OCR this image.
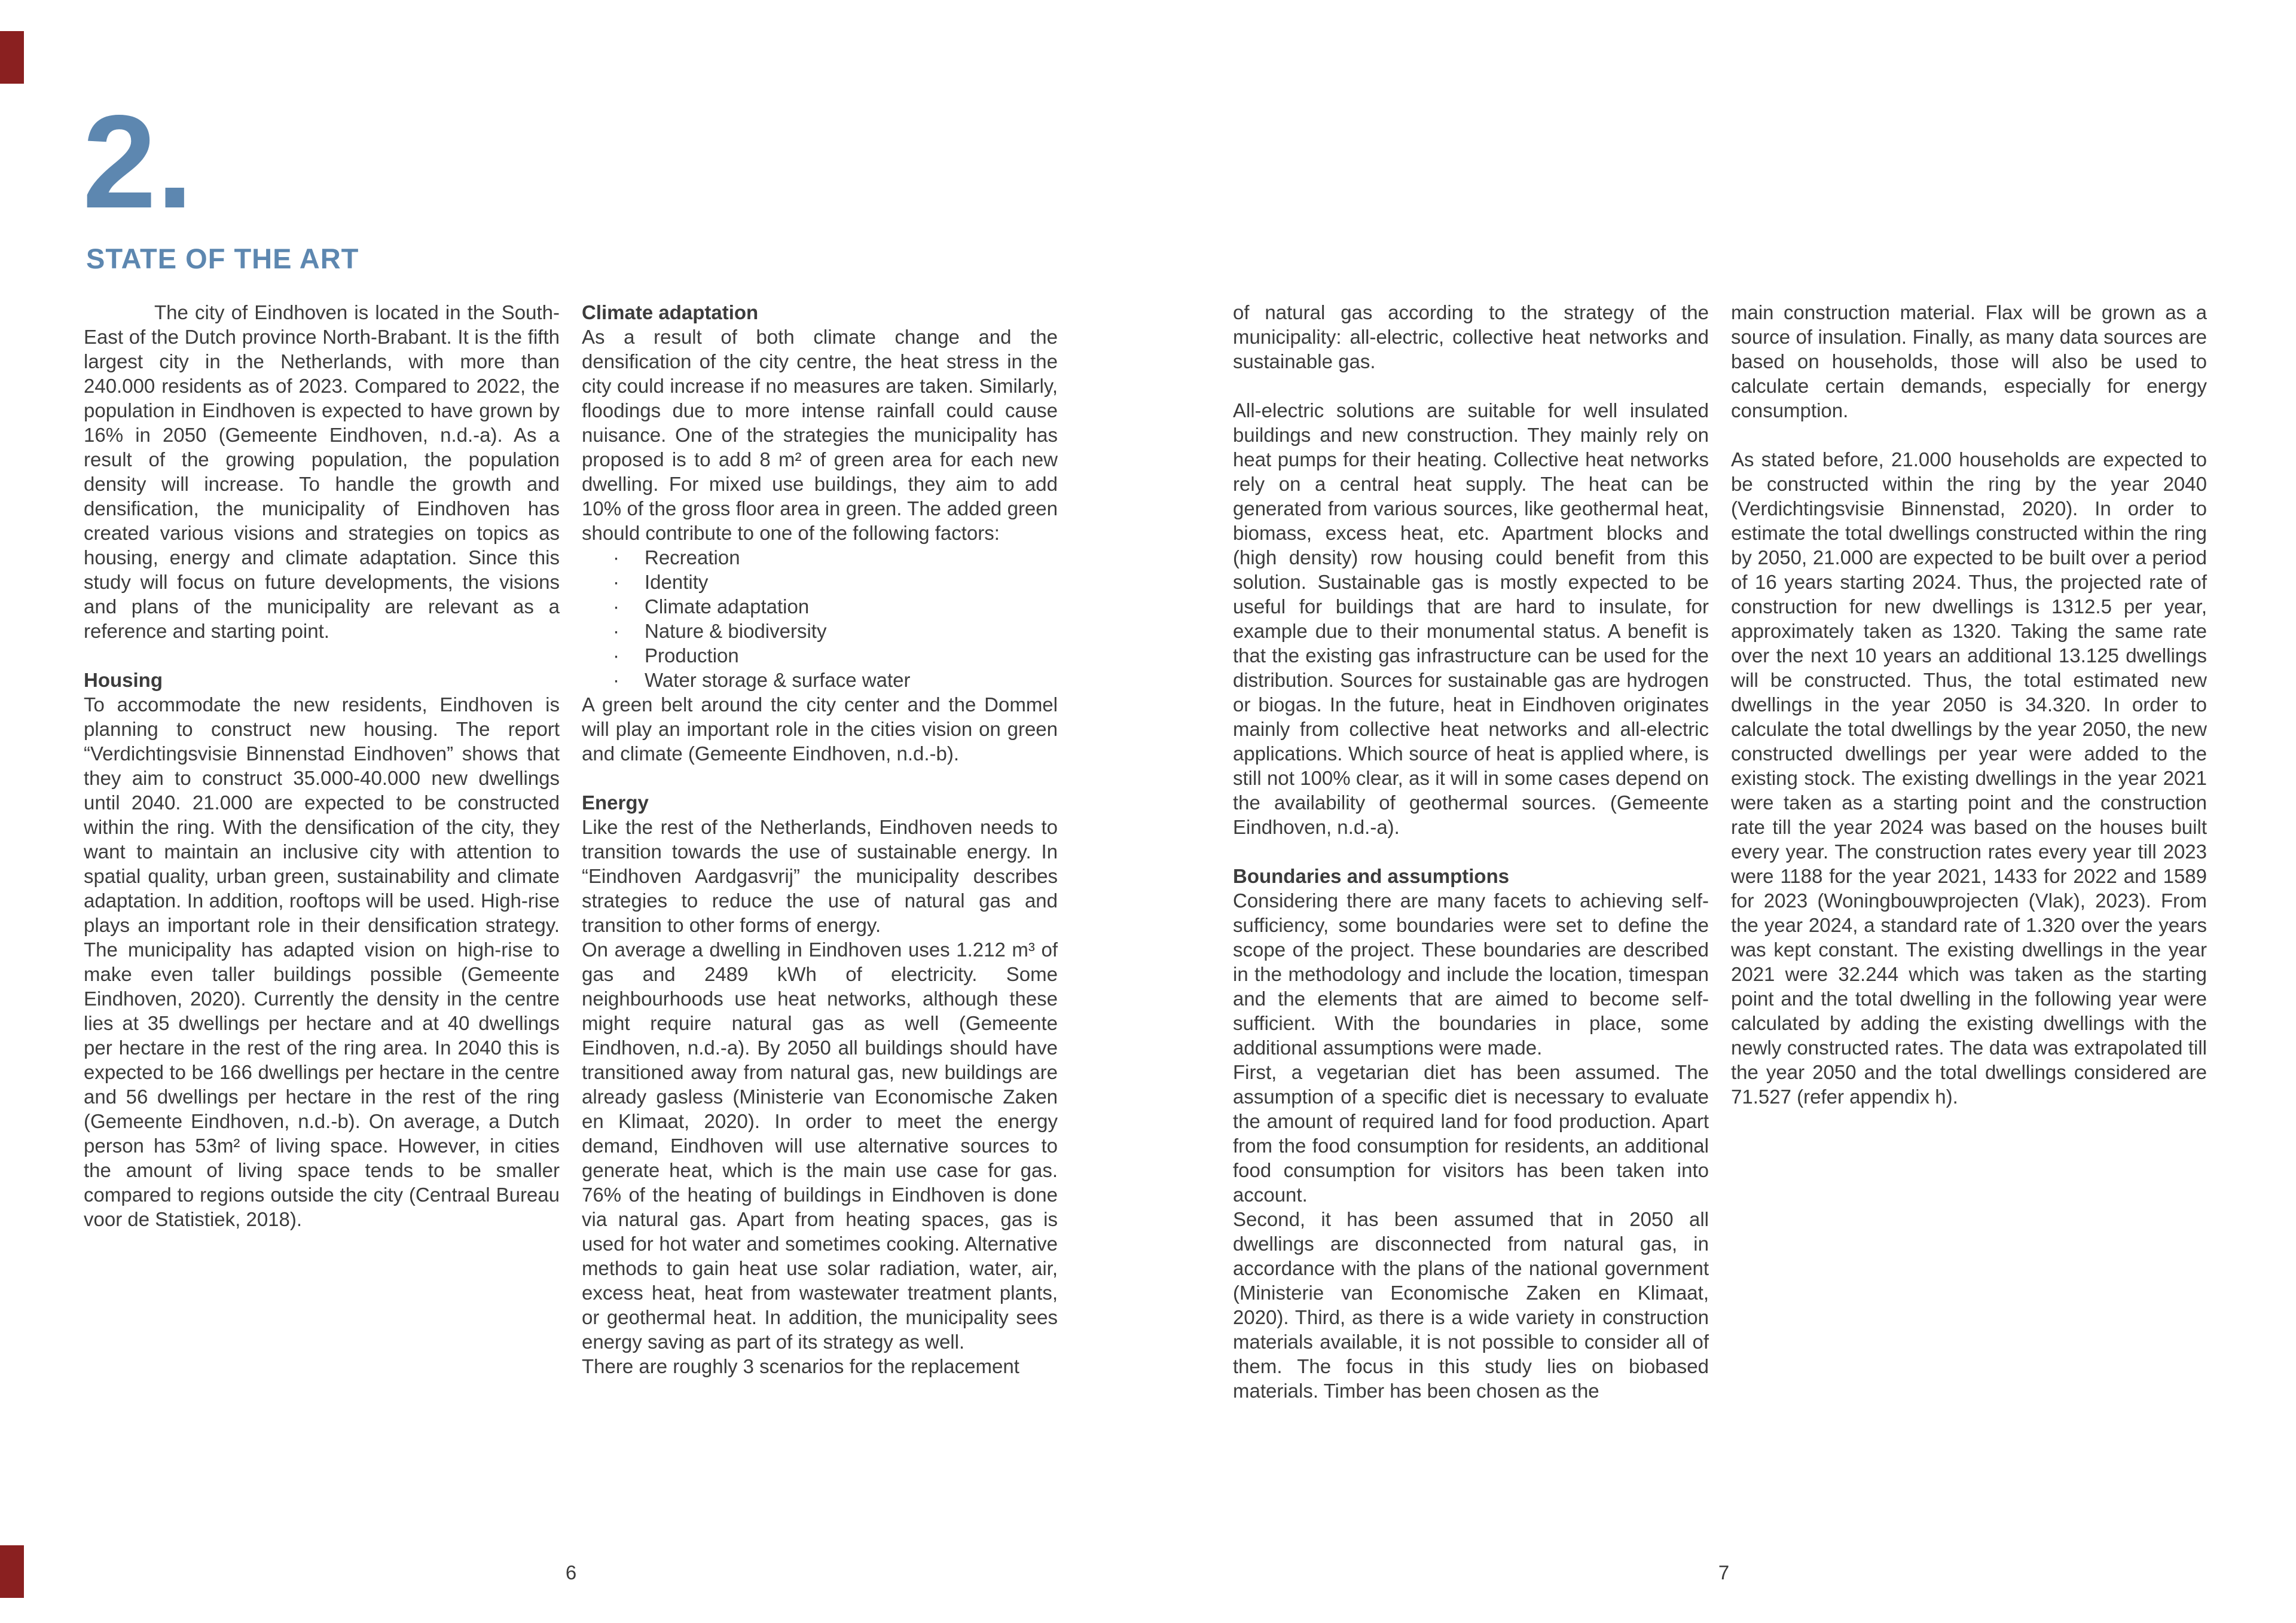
2.
STATE OF THE ART

The city of Eindhoven is located in the South-East of the Dutch province North-Brabant. It is the fifth largest city in the Netherlands, with more than 240.000 residents as of 2023. Compared to 2022, the population in Eindhoven is expected to have grown by 16% in 2050 (Gemeente Eindhoven, n.d.-a). As a result of the growing population, the population density will increase. To handle the growth and densification, the municipality of Eindhoven has created various visions and strategies on topics as housing, energy and climate adaptation. Since this study will focus on future developments, the visions and plans of the municipality are relevant as a reference and starting point.

Housing

To accommodate the new residents, Eindhoven is planning to construct new housing. The report “Verdichtingsvisie Binnenstad Eindhoven” shows that they aim to construct 35.000-40.000 new dwellings until 2040. 21.000 are expected to be constructed within the ring. With the densification of the city, they want to maintain an inclusive city with attention to spatial quality, urban green, sustainability and climate adaptation. In addition, rooftops will be used. High-rise plays an important role in their densification strategy. The municipality has adapted vision on high-rise to make even taller buildings possible (Gemeente Eindhoven, 2020). Currently the density in the centre lies at 35 dwellings per hectare and at 40 dwellings per hectare in the rest of the ring area. In 2040 this is expected to be 166 dwellings per hectare in the centre and 56 dwellings per hectare in the rest of the ring (Gemeente Eindhoven, n.d.-b). On average, a Dutch person has 53m² of living space. However, in cities the amount of living space tends to be smaller compared to regions outside the city (Centraal Bureau voor de Statistiek, 2018).

Climate adaptation

As a result of both climate change and the densification of the city centre, the heat stress in the city could increase if no measures are taken. Similarly, floodings due to more intense rainfall could cause nuisance. One of the strategies the municipality has proposed is to add 8 m² of green area for each new dwelling. For mixed use buildings, they aim to add 10% of the gross floor area in green. The added green should contribute to one of the following factors:

· Recreation
· Identity
· Climate adaptation
· Nature & biodiversity
· Production
· Water storage & surface water

A green belt around the city center and the Dommel will play an important role in the cities vision on green and climate (Gemeente Eindhoven, n.d.-b).

Energy

Like the rest of the Netherlands, Eindhoven needs to transition towards the use of sustainable energy. In “Eindhoven Aardgasvrij” the municipality describes strategies to reduce the use of natural gas and transition to other forms of energy.

On average a dwelling in Eindhoven uses 1.212 m³ of gas and 2489 kWh of electricity. Some neighbourhoods use heat networks, although these might require natural gas as well (Gemeente Eindhoven, n.d.-a). By 2050 all buildings should have transitioned away from natural gas, new buildings are already gasless (Ministerie van Economische Zaken en Klimaat, 2020). In order to meet the energy demand, Eindhoven will use alternative sources to generate heat, which is the main use case for gas. 76% of the heating of buildings in Eindhoven is done via natural gas. Apart from heating spaces, gas is used for hot water and sometimes cooking. Alternative methods to gain heat use solar radiation, water, air, excess heat, heat from wastewater treatment plants, or geothermal heat. In addition, the municipality sees energy saving as part of its strategy as well.

There are roughly 3 scenarios for the replacement

of natural gas according to the strategy of the municipality: all-electric, collective heat networks and sustainable gas.

All-electric solutions are suitable for well insulated buildings and new construction. They mainly rely on heat pumps for their heating. Collective heat networks rely on a central heat supply. The heat can be generated from various sources, like geothermal heat, biomass, excess heat, etc. Apartment blocks and (high density) row housing could benefit from this solution. Sustainable gas is mostly expected to be useful for buildings that are hard to insulate, for example due to their monumental status. A benefit is that the existing gas infrastructure can be used for the distribution. Sources for sustainable gas are hydrogen or biogas. In the future, heat in Eindhoven originates mainly from collective heat networks and all-electric applications. Which source of heat is applied where, is still not 100% clear, as it will in some cases depend on the availability of geothermal sources. (Gemeente Eindhoven, n.d.-a).

Boundaries and assumptions

Considering there are many facets to achieving self-sufficiency, some boundaries were set to define the scope of the project. These boundaries are described in the methodology and include the location, timespan and the elements that are aimed to become self-sufficient. With the boundaries in place, some additional assumptions were made.

First, a vegetarian diet has been assumed. The assumption of a specific diet is necessary to evaluate the amount of required land for food production. Apart from the food consumption for residents, an additional food consumption for visitors has been taken into account.

Second, it has been assumed that in 2050 all dwellings are disconnected from natural gas, in accordance with the plans of the national government (Ministerie van Economische Zaken en Klimaat, 2020). Third, as there is a wide variety in construction materials available, it is not possible to consider all of them. The focus in this study lies on biobased materials. Timber has been chosen as the

main construction material. Flax will be grown as a source of insulation. Finally, as many data sources are based on households, those will also be used to calculate certain demands, especially for energy consumption.

As stated before, 21.000 households are expected to be constructed within the ring by the year 2040 (Verdichtingsvisie Binnenstad, 2020). In order to estimate the total dwellings constructed within the ring by 2050, 21.000 are expected to be built over a period of 16 years starting 2024. Thus, the projected rate of construction for new dwellings is 1312.5 per year, approximately taken as 1320. Taking the same rate over the next 10 years an additional 13.125 dwellings will be constructed. Thus, the total estimated new dwellings in the year 2050 is 34.320. In order to calculate the total dwellings by the year 2050, the new constructed dwellings per year were added to the existing stock. The existing dwellings in the year 2021 were taken as a starting point and the construction rate till the year 2024 was based on the houses built every year. The construction rates every year till 2023 were 1188 for the year 2021, 1433 for 2022 and 1589 for 2023 (Woningbouwprojecten (Vlak), 2023). From the year 2024, a standard rate of 1.320 over the years was kept constant. The existing dwellings in the year 2021 were 32.244 which was taken as the starting point and the total dwelling in the following year were calculated by adding the existing dwellings with the newly constructed rates. The data was extrapolated till the year 2050 and the total dwellings considered are 71.527 (refer appendix h).

6	7
